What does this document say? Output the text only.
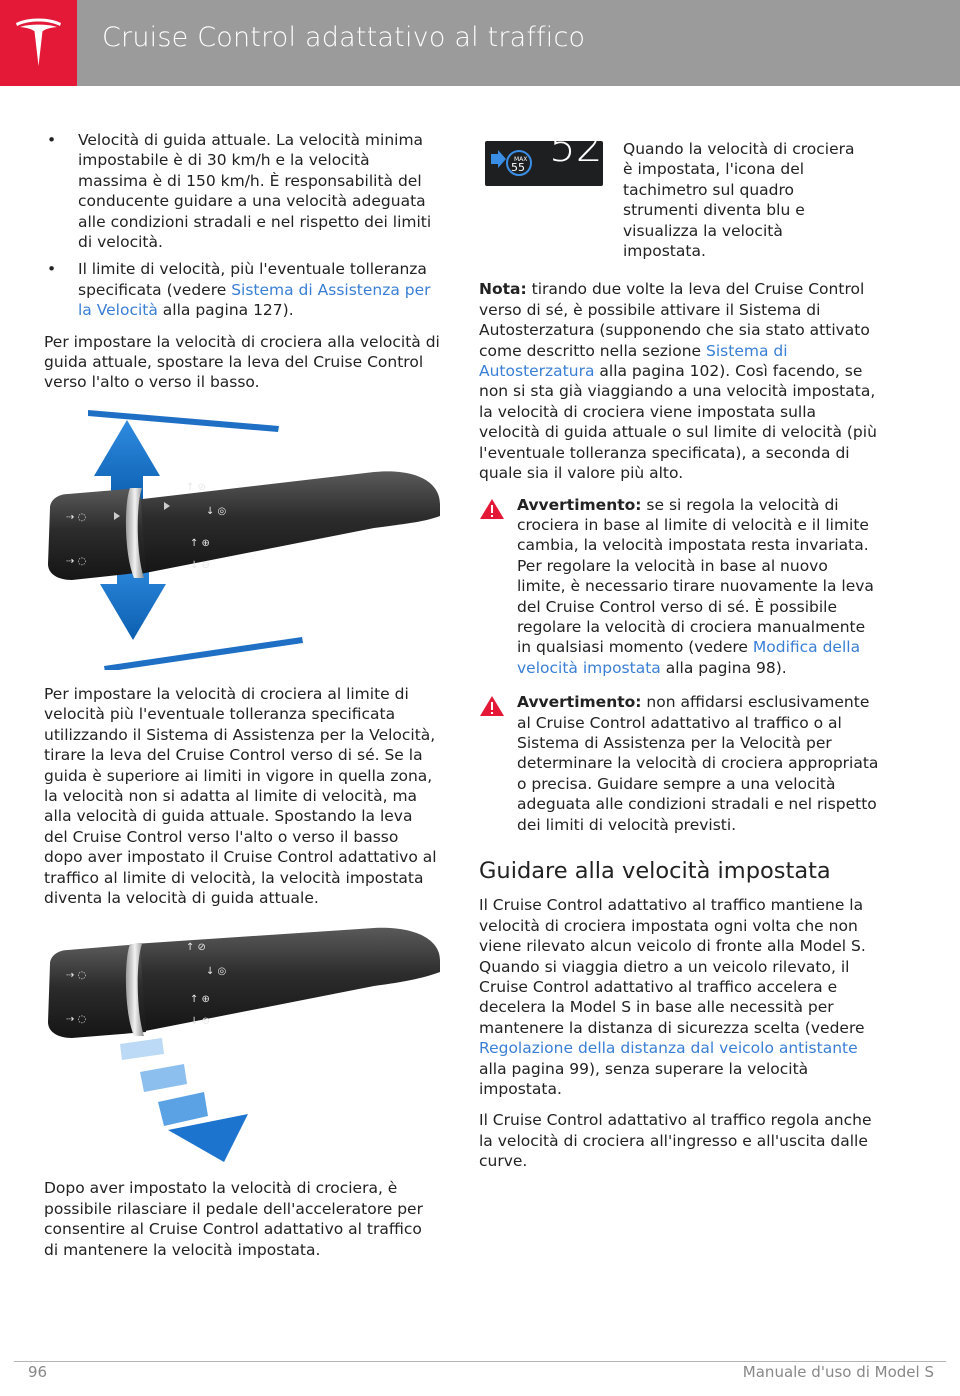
Cruise Control adattativo al traffico
• Velocità di guida attuale. La velocità minima impostabile è di 30 km/h e la velocità massima è di 150 km/h. È responsabilità del conducente guidare a una velocità adeguata alle condizioni stradali e nel rispetto dei limiti di velocità.
• Il limite di velocità, più l'eventuale tolleranza specificata (vedere Sistema di Assistenza per la Velocità alla pagina 127).

Per impostare la velocità di crociera alla velocità di guida attuale, spostare la leva del Cruise Control verso l'alto o verso il basso.

⇢ ◌
⇢ ◌
↑ ⊘
↓ ◎
↑ ⊕
↓ ⊖

Per impostare la velocità di crociera al limite di velocità più l'eventuale tolleranza specificata utilizzando il Sistema di Assistenza per la Velocità, tirare la leva del Cruise Control verso di sé. Se la guida è superiore ai limiti in vigore in quella zona, la velocità non si adatta al limite di velocità, ma alla velocità di guida attuale. Spostando la leva del Cruise Control verso l'alto o verso il basso dopo aver impostato il Cruise Control adattativo al traffico al limite di velocità, la velocità impostata diventa la velocità di guida attuale.

⇢ ◌
⇢ ◌
↑ ⊘
↓ ◎
↑ ⊕
↓ ⊖

Dopo aver impostato la velocità di crociera, è possibile rilasciare il pedale dell'acceleratore per consentire al Cruise Control adattativo al traffico di mantenere la velocità impostata.

MAX
55 52 Quando la velocità di crociera è impostata, l'icona del tachimetro sul quadro strumenti diventa blu e visualizza la velocità impostata.

Nota: tirando due volte la leva del Cruise Control verso di sé, è possibile attivare il Sistema di Autosterzatura (supponendo che sia stato attivato come descritto nella sezione Sistema di Autosterzatura alla pagina 102). Così facendo, se non si sta già viaggiando a una velocità impostata, la velocità di crociera viene impostata sulla velocità di guida attuale o sul limite di velocità (più l'eventuale tolleranza specificata), a seconda di quale sia il valore più alto.

Avvertimento: se si regola la velocità di crociera in base al limite di velocità e il limite cambia, la velocità impostata resta invariata. Per regolare la velocità in base al nuovo limite, è necessario tirare nuovamente la leva del Cruise Control verso di sé. È possibile regolare la velocità di crociera manualmente in qualsiasi momento (vedere Modifica della velocità impostata alla pagina 98).
Avvertimento: non affidarsi esclusivamente al Cruise Control adattativo al traffico o al Sistema di Assistenza per la Velocità per determinare la velocità di crociera appropriata o precisa. Guidare sempre a una velocità adeguata alle condizioni stradali e nel rispetto dei limiti di velocità previsti.
Guidare alla velocità impostata

Il Cruise Control adattativo al traffico mantiene la velocità di crociera impostata ogni volta che non viene rilevato alcun veicolo di fronte alla Model S. Quando si viaggia dietro a un veicolo rilevato, il Cruise Control adattativo al traffico accelera e decelera la Model S in base alle necessità per mantenere la distanza di sicurezza scelta (vedere Regolazione della distanza dal veicolo antistante alla pagina 99), senza superare la velocità impostata.

Il Cruise Control adattativo al traffico regola anche la velocità di crociera all'ingresso e all'uscita dalle curve.

96	Manuale d'uso di Model S
